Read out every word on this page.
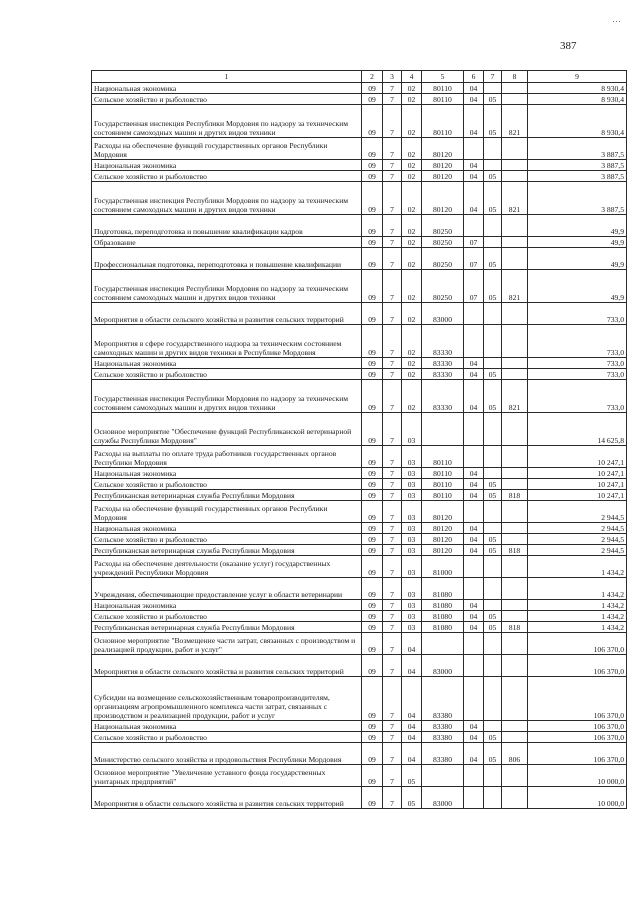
…
387
1	2	3	4	5	6	7	8	9
Национальная экономика	09	7	02	80110	04			8 930,4
Сельское хозяйство и рыболовство	09	7	02	80110	04	05		8 930,4
Государственная инспекция Республики Мордовия по надзору за техническим состоянием самоходных машин и других видов техники	09	7	02	80110	04	05	821	8 930,4
Расходы на обеспечение функций государственных органов Республики Мордовия	09	7	02	80120				3 887,5
Национальная экономика	09	7	02	80120	04			3 887,5
Сельское хозяйство и рыболовство	09	7	02	80120	04	05		3 887,5
Государственная инспекция Республики Мордовия по надзору за техническим состоянием самоходных машин и других видов техники	09	7	02	80120	04	05	821	3 887,5
Подготовка, переподготовка и повышение квалификации кадров	09	7	02	80250				49,9
Образование	09	7	02	80250	07			49,9
Профессиональная подготовка, переподготовка и повышение квалификации	09	7	02	80250	07	05		49,9
Государственная инспекция Республики Мордовия по надзору за техническим состоянием самоходных машин и других видов техники	09	7	02	80250	07	05	821	49,9
Мероприятия в области сельского хозяйства и развития сельских территорий	09	7	02	83000				733,0
Мероприятия в сфере государственного надзора за техническим состоянием самоходных машин и других видов техники в Республике Мордовия	09	7	02	83330				733,0
Национальная экономика	09	7	02	83330	04			733,0
Сельское хозяйство и рыболовство	09	7	02	83330	04	05		733,0
Государственная инспекция Республики Мордовия по надзору за техническим состоянием самоходных машин и других видов техники	09	7	02	83330	04	05	821	733,0
Основное мероприятие "Обеспечение функций Республиканской ветеринарной службы Республики Мордовия"	09	7	03					14 625,8
Расходы на выплаты по оплате труда работников государственных органов Республики Мордовия	09	7	03	80110				10 247,1
Национальная экономика	09	7	03	80110	04			10 247,1
Сельское хозяйство и рыболовство	09	7	03	80110	04	05		10 247,1
Республиканская ветеринарная служба Республики Мордовия	09	7	03	80110	04	05	818	10 247,1
Расходы на обеспечение функций государственных органов Республики Мордовия	09	7	03	80120				2 944,5
Национальная экономика	09	7	03	80120	04			2 944,5
Сельское хозяйство и рыболовство	09	7	03	80120	04	05		2 944,5
Республиканская ветеринарная служба Республики Мордовия	09	7	03	80120	04	05	818	2 944,5
Расходы на обеспечение деятельности (оказание услуг) государственных учреждений Республики Мордовия	09	7	03	81000				1 434,2
Учреждения, обеспечивающие предоставление услуг в области ветеринарии	09	7	03	81080				1 434,2
Национальная экономика	09	7	03	81080	04			1 434,2
Сельское хозяйство и рыболовство	09	7	03	81080	04	05		1 434,2
Республиканская ветеринарная служба Республики Мордовия	09	7	03	81080	04	05	818	1 434,2
Основное мероприятие "Возмещение части затрат, связанных с производством и реализацией продукции, работ и услуг"	09	7	04					106 370,0
Мероприятия в области сельского хозяйства и развития сельских территорий	09	7	04	83000				106 370,0
Субсидии на возмещение сельскохозяйственным товаропроизводителям, организациям агропромышленного комплекса части затрат, связанных с производством и реализацией продукции, работ и услуг	09	7	04	83380				106 370,0
Национальная экономика	09	7	04	83380	04			106 370,0
Сельское хозяйство и рыболовство	09	7	04	83380	04	05		106 370,0
Министерство сельского хозяйства и продовольствия Республики Мордовия	09	7	04	83380	04	05	806	106 370,0
Основное мероприятие "Увеличение уставного фонда государственных унитарных предприятий"	09	7	05					10 000,0
Мероприятия в области сельского хозяйства и развития сельских территорий	09	7	05	83000				10 000,0
